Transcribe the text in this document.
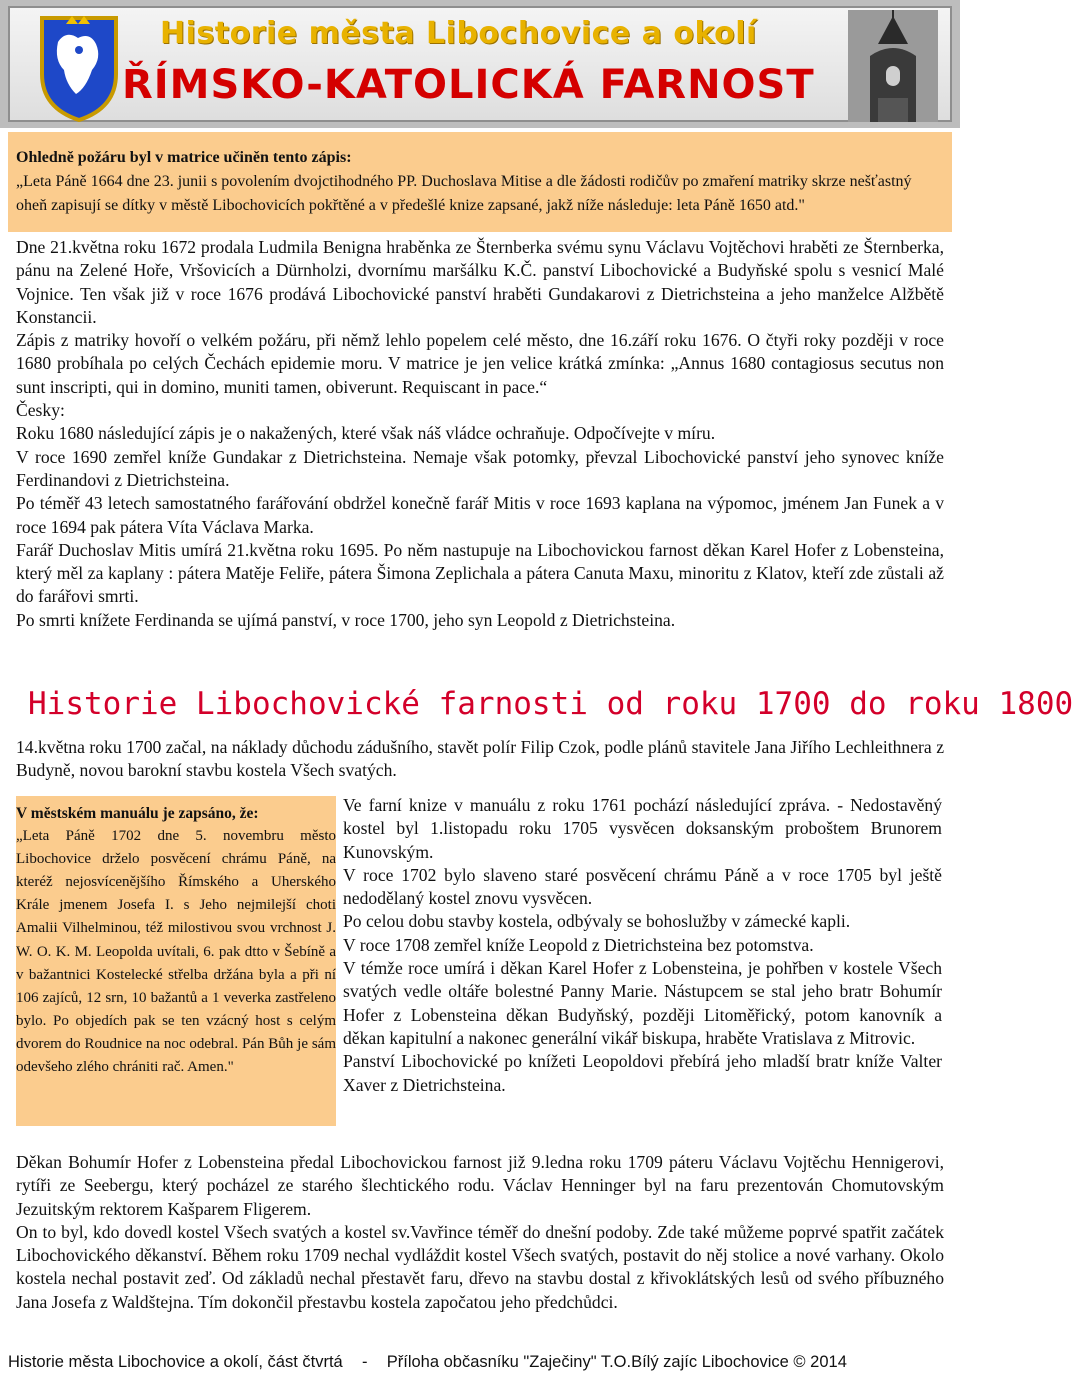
Historie města Libochovice a okolí
ŘÍMSKO-KATOLICKÁ FARNOST
Ohledně požáru byl v matrice učiněn tento zápis:
„Leta Páně 1664 dne 23. junii s povolením dvojctihodného PP. Duchoslava Mitise a dle žádosti rodičův po zmaření matriky skrze nešťastný oheň zapisují se dítky v městě Libochovicích pokřtěné a v předešlé knize zapsané, jakž níže následuje: leta Páně 1650 atd."

Dne 21.května roku 1672 prodala Ludmila Benigna hraběnka ze Šternberka svému synu Václavu Vojtěchovi hraběti ze Šternberka, pánu na Zelené Hoře, Vršovicích a Dürnholzi, dvornímu maršálku K.Č. panství Libochovické a Budyňské spolu s vesnicí Malé Vojnice. Ten však již v roce 1676 prodává Libochovické panství hraběti Gundakarovi z Dietrichsteina a jeho manželce Alžbětě Konstancii.

Zápis z matriky hovoří o velkém požáru, při němž lehlo popelem celé město, dne 16.září roku 1676. O čtyři roky později v roce 1680 probíhala po celých Čechách epidemie moru. V matrice je jen velice krátká zmínka: „Annus 1680 contagiosus secutus non sunt inscripti, qui in domino, muniti tamen, obiverunt. Requiscant in pace.“

Česky:

Roku 1680 následující zápis je o nakažených, které však náš vládce ochraňuje. Odpočívejte v míru.

V roce 1690 zemřel kníže Gundakar z Dietrichsteina. Nemaje však potomky, převzal Libochovické panství jeho synovec kníže Ferdinandovi z Dietrichsteina.

Po téměř 43 letech samostatného farářování obdržel konečně farář Mitis v roce 1693 kaplana na výpomoc, jménem Jan Funek a v roce 1694 pak pátera Víta Václava Marka.

Farář Duchoslav Mitis umírá 21.května roku 1695. Po něm nastupuje na Libochovickou farnost děkan Karel Hofer z Lobensteina, který měl za kaplany : pátera Matěje Feliře, pátera Šimona Zeplichala a pátera Canuta Maxu, minoritu z Klatov, kteří zde zůstali až do farářovi smrti.

Po smrti knížete Ferdinanda se ujímá panství, v roce 1700, jeho syn Leopold z Dietrichsteina.

Historie Libochovické farnosti od roku 1700 do roku 1800

14.května roku 1700 začal, na náklady důchodu zádušního, stavět polír Filip Czok, podle plánů stavitele Jana Jiřího Lechleithnera z Budyně, novou barokní stavbu kostela Všech svatých.

V městském manuálu je zapsáno, že:

„Leta Páně 1702 dne 5. novembru město Libochovice drželo posvěcení chrámu Páně, na kteréž nejosvícenějšího Římského a Uherského Krále jmenem Josefa I. s Jeho nejmilejší choti Amalii Vilhelminou, též milostivou svou vrchnost J. W. O. K. M. Leopolda uvítali, 6. pak dtto v Šebíně a v bažantnici Kostelecké střelba držána byla a při ní 106 zajíců, 12 srn, 10 bažantů a 1 veverka zastřeleno bylo. Po objedích pak se ten vzácný host s celým dvorem do Roudnice na noc odebral. Pán Bůh je sám odevšeho zlého chrániti rač. Amen."

Ve farní knize v manuálu z roku 1761 pochází následující zpráva. - Nedostavěný kostel byl 1.listopadu roku 1705 vysvěcen doksanským proboštem Brunorem Kunovským.

V roce 1702 bylo slaveno staré posvěcení chrámu Páně a v roce 1705 byl ještě nedodělaný kostel znovu vysvěcen.

Po celou dobu stavby kostela, odbývaly se bohoslužby v zámecké kapli.

V roce 1708 zemřel kníže Leopold z Dietrichsteina bez potomstva.

V témže roce umírá i děkan Karel Hofer z Lobensteina, je pohřben v kostele Všech svatých vedle oltáře bolestné Panny Marie. Nástupcem se stal jeho bratr Bohumír Hofer z Lobensteina děkan Budyňský, později Litoměřický, potom kanovník a děkan kapitulní a nakonec generální vikář biskupa, hraběte Vratislava z Mitrovic.

Panství Libochovické po knížeti Leopoldovi přebírá jeho mladší bratr kníže Valter Xaver z Dietrichsteina.

Děkan Bohumír Hofer z Lobensteina předal Libochovickou farnost již 9.ledna roku 1709 páteru Václavu Vojtěchu Hennigerovi, rytíři ze Seebergu, který pocházel ze starého šlechtického rodu. Václav Henninger byl na faru prezentován Chomutovským Jezuitským rektorem Kašparem Fligerem.

On to byl, kdo dovedl kostel Všech svatých a kostel sv.Vavřince téměř do dnešní podoby. Zde také můžeme poprvé spatřit začátek Libochovického děkanství. Během roku 1709 nechal vydláždit kostel Všech svatých, postavit do něj stolice a nové varhany. Okolo kostela nechal postavit zeď. Od základů nechal přestavět faru, dřevo na stavbu dostal z křivoklátských lesů od svého příbuzného Jana Josefa z Waldštejna. Tím dokončil přestavbu kostela započatou jeho předchůdci.

Historie města Libochovice a okolí, část čtvrtá - Příloha občasníku "Zaječiny" T.O.Bílý zajíc Libochovice © 2014
